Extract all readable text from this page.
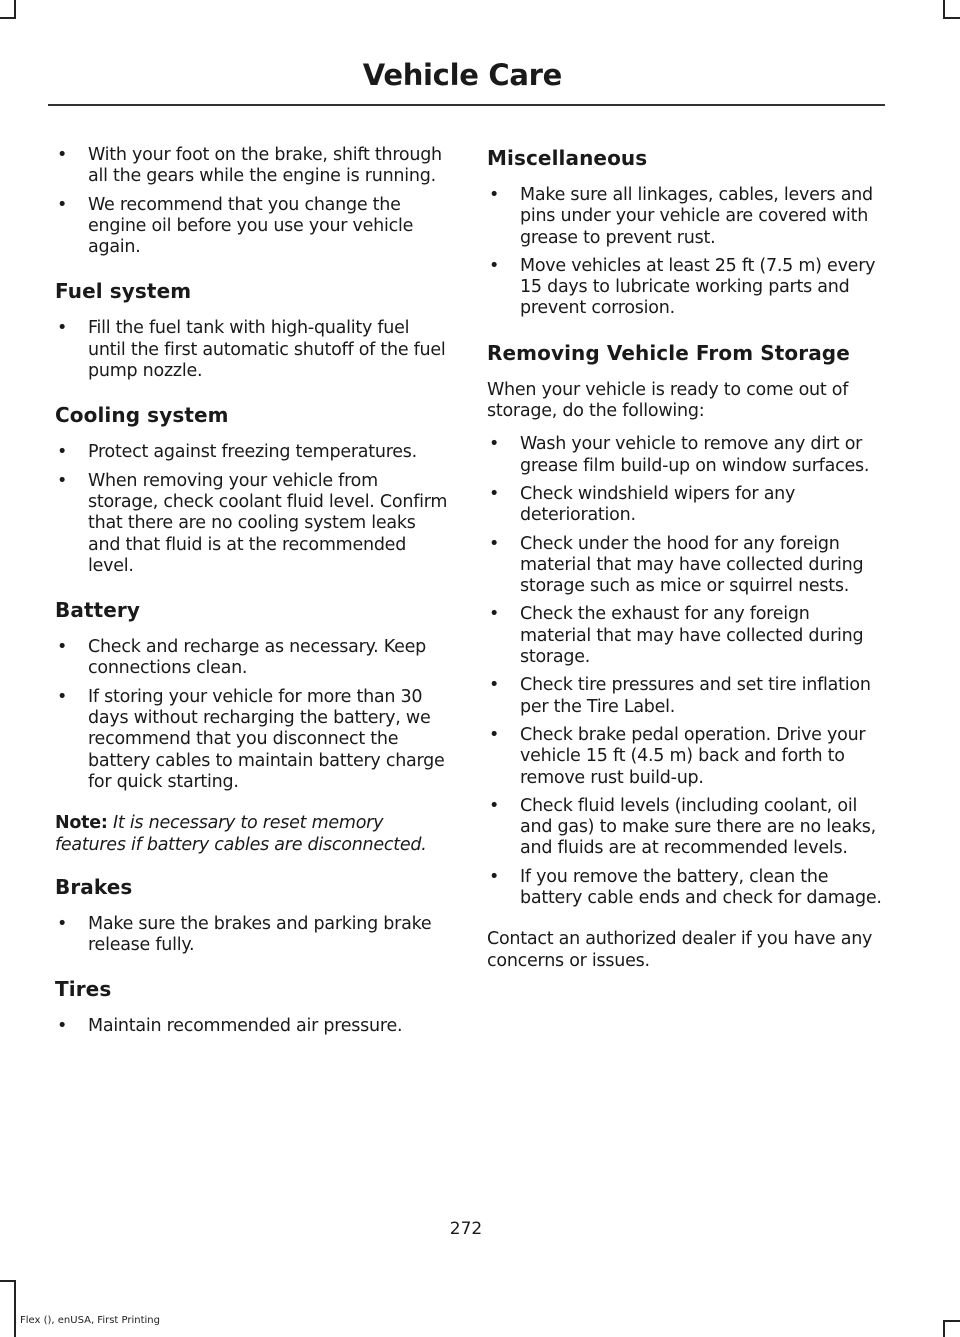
Vehicle Care
• With your foot on the brake, shift through all the gears while the engine is running.
• We recommend that you change the engine oil before you use your vehicle again.
Fuel system
• Fill the fuel tank with high-quality fuel until the first automatic shutoff of the fuel pump nozzle.
Cooling system
• Protect against freezing temperatures.
• When removing your vehicle from storage, check coolant fluid level. Confirm that there are no cooling system leaks and that fluid is at the recommended level.
Battery
• Check and recharge as necessary. Keep connections clean.
• If storing your vehicle for more than 30 days without recharging the battery, we recommend that you disconnect the battery cables to maintain battery charge for quick starting.

Note: It is necessary to reset memory features if battery cables are disconnected.

Brakes
• Make sure the brakes and parking brake release fully.
Tires
• Maintain recommended air pressure.
Miscellaneous
• Make sure all linkages, cables, levers and pins under your vehicle are covered with grease to prevent rust.
• Move vehicles at least 25 ft (7.5 m) every 15 days to lubricate working parts and prevent corrosion.
Removing Vehicle From Storage

When your vehicle is ready to come out of storage, do the following:

• Wash your vehicle to remove any dirt or grease film build-up on window surfaces.
• Check windshield wipers for any deterioration.
• Check under the hood for any foreign material that may have collected during storage such as mice or squirrel nests.
• Check the exhaust for any foreign material that may have collected during storage.
• Check tire pressures and set tire inflation per the Tire Label.
• Check brake pedal operation. Drive your vehicle 15 ft (4.5 m) back and forth to remove rust build-up.
• Check fluid levels (including coolant, oil and gas) to make sure there are no leaks, and fluids are at recommended levels.
• If you remove the battery, clean the battery cable ends and check for damage.

Contact an authorized dealer if you have any concerns or issues.

272
Flex (), enUSA, First Printing
